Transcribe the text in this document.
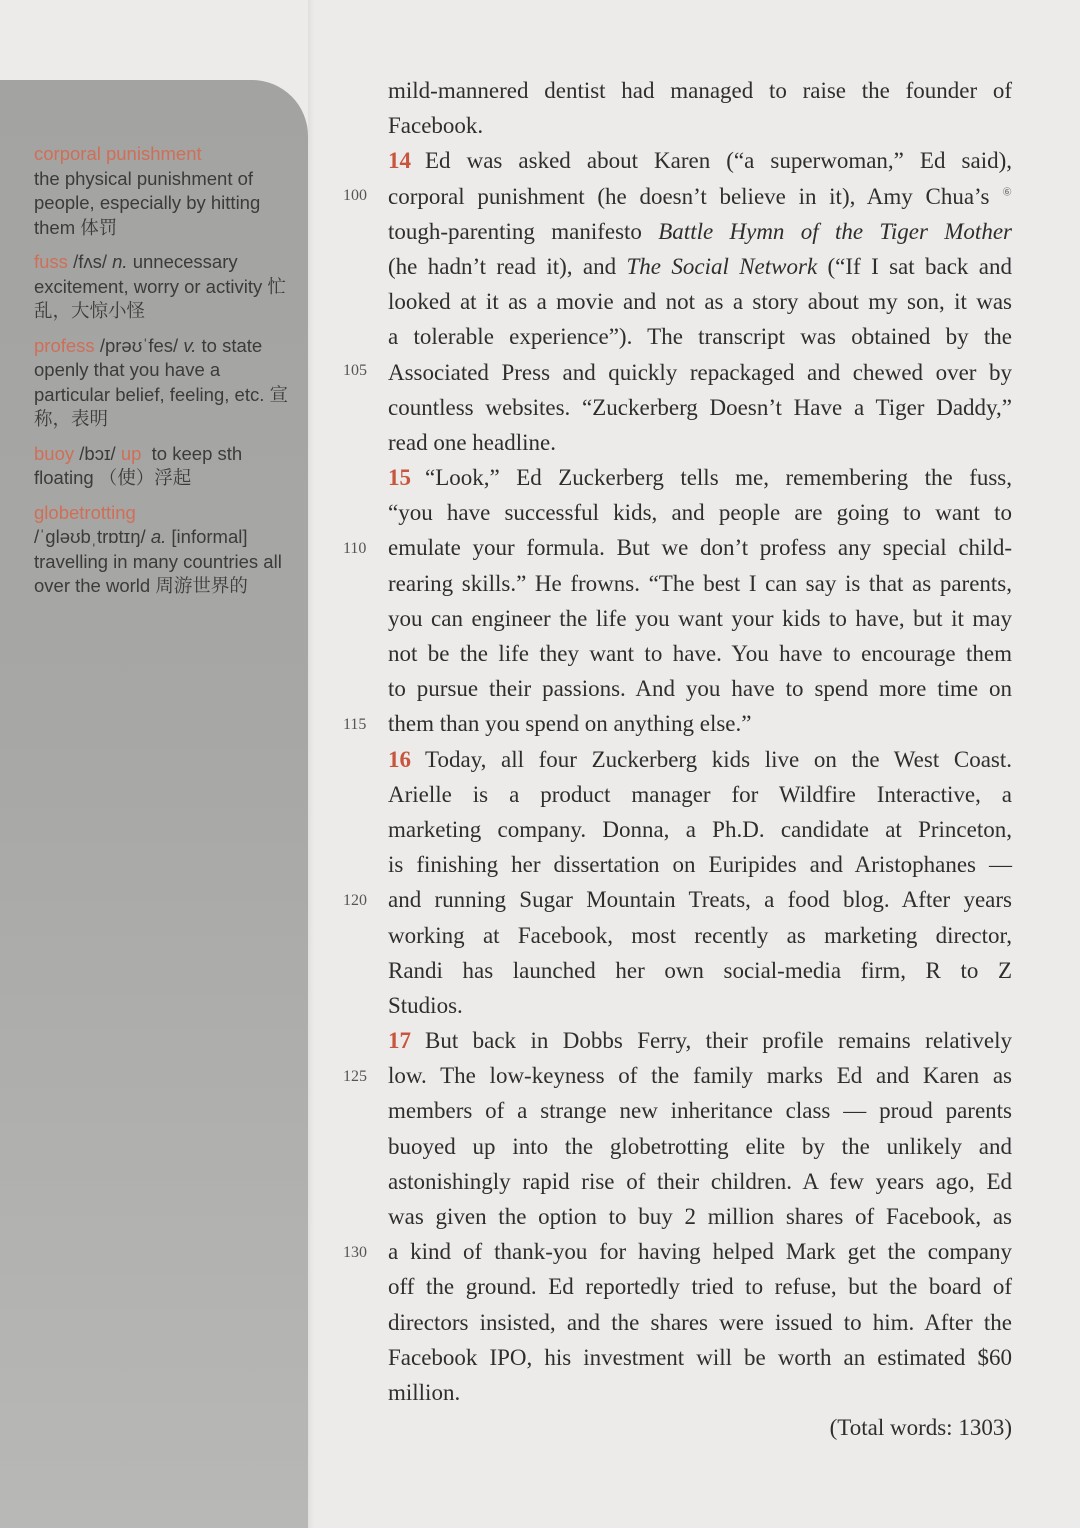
corporal punishment
the physical punishment of people, especially by hitting them 体罚
fuss /fʌs/ n. unnecessary excitement, worry or activity 忙乱，大惊小怪
profess /prəʊˈfes/ v. to state openly that you have a particular belief, feeling, etc. 宣称，表明
buoy /bɔɪ/ up to keep sth floating （使）浮起
globetrotting
/ˈgləʊbˌtrɒtɪŋ/ a. [informal] travelling in many countries all over the world 周游世界的
100
105
110
115
120
125
130
mild-mannered dentist had managed to raise the founder of
Facebook.
14 Ed was asked about Karen (“a superwoman,” Ed said),
corporal punishment (he doesn’t believe in it), Amy Chua’s ⑥
tough-parenting manifesto Battle Hymn of the Tiger Mother
(he hadn’t read it), and The Social Network (“If I sat back and
looked at it as a movie and not as a story about my son, it was
a tolerable experience”). The transcript was obtained by the
Associated Press and quickly repackaged and chewed over by
countless websites. “Zuckerberg Doesn’t Have a Tiger Daddy,”
read one headline.
15 “Look,” Ed Zuckerberg tells me, remembering the fuss,
“you have successful kids, and people are going to want to
emulate your formula. But we don’t profess any special child-
rearing skills.” He frowns. “The best I can say is that as parents,
you can engineer the life you want your kids to have, but it may
not be the life they want to have. You have to encourage them
to pursue their passions. And you have to spend more time on
them than you spend on anything else.”
16 Today, all four Zuckerberg kids live on the West Coast.
Arielle is a product manager for Wildfire Interactive, a
marketing company. Donna, a Ph.D. candidate at Princeton,
is finishing her dissertation on Euripides and Aristophanes —
and running Sugar Mountain Treats, a food blog. After years
working at Facebook, most recently as marketing director,
Randi has launched her own social-media firm, R to Z
Studios.
17 But back in Dobbs Ferry, their profile remains relatively
low. The low-keyness of the family marks Ed and Karen as
members of a strange new inheritance class — proud parents
buoyed up into the globetrotting elite by the unlikely and
astonishingly rapid rise of their children. A few years ago, Ed
was given the option to buy 2 million shares of Facebook, as
a kind of thank-you for having helped Mark get the company
off the ground. Ed reportedly tried to refuse, but the board of
directors insisted, and the shares were issued to him. After the
Facebook IPO, his investment will be worth an estimated $60
million.
(Total words: 1303)
